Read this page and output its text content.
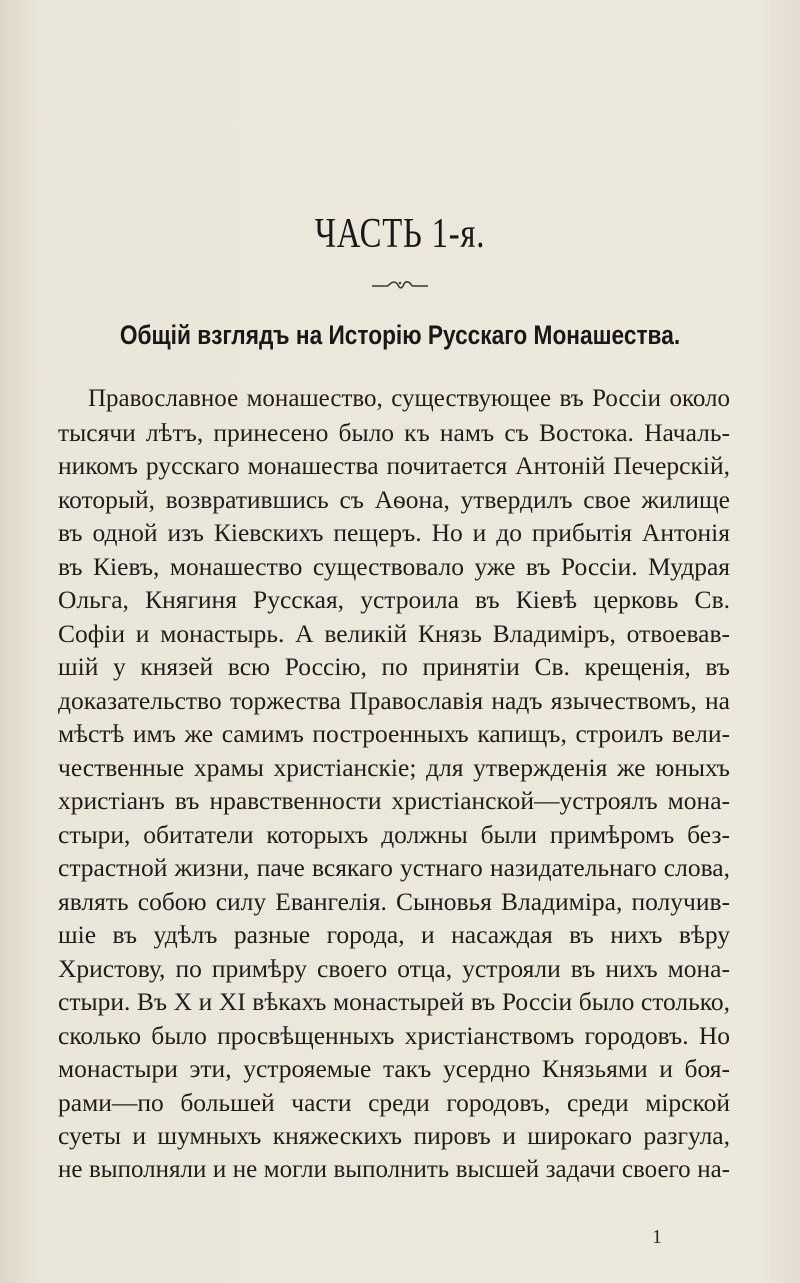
ЧАСТЬ 1-я.
Общiй взглядъ на Исторiю Русскаго Монашества.
Православное монашество, существующее въ Россiи около
тысячи лѣтъ, принесено было къ намъ съ Востока. Началь-
никомъ русскаго монашества почитается Антонiй Печерскiй,
который, возвратившись съ Аѳона, утвердилъ свое жилище
въ одной изъ Кiевскихъ пещеръ. Но и до прибытiя Антонiя
въ Кiевъ, монашество существовало уже въ Россiи. Мудрая
Ольга, Княгиня Русская, устроила въ Кiевѣ церковь Св.
Софiи и монастырь. А великiй Князь Владимiръ, отвоевав-
шiй у князей всю Россiю, по принятiи Св. крещенiя, въ
доказательство торжества Православiя надъ язычествомъ, на
мѣстѣ имъ же самимъ построенныхъ капищъ, строилъ вели-
чественные храмы христiанскiе; для утвержденiя же юныхъ
христiанъ въ нравственности христiанской—устроялъ мона-
стыри, обитатели которыхъ должны были примѣромъ без-
страстной жизни, паче всякаго устнаго назидательнаго слова,
являть собою силу Евангелiя. Сыновья Владимiра, получив-
шiе въ удѣлъ разные города, и насаждая въ нихъ вѣру
Христову, по примѣру своего отца, устрояли въ нихъ мона-
стыри. Въ X и XI вѣкахъ монастырей въ Россiи было столько,
сколько было просвѣщенныхъ христiанствомъ городовъ. Но
монастыри эти, устрояемые такъ усердно Князьями и боя-
рами—по большей части среди городовъ, среди мiрской
суеты и шумныхъ княжескихъ пировъ и широкаго разгула,
не выполняли и не могли выполнить высшей задачи своего на-
1
